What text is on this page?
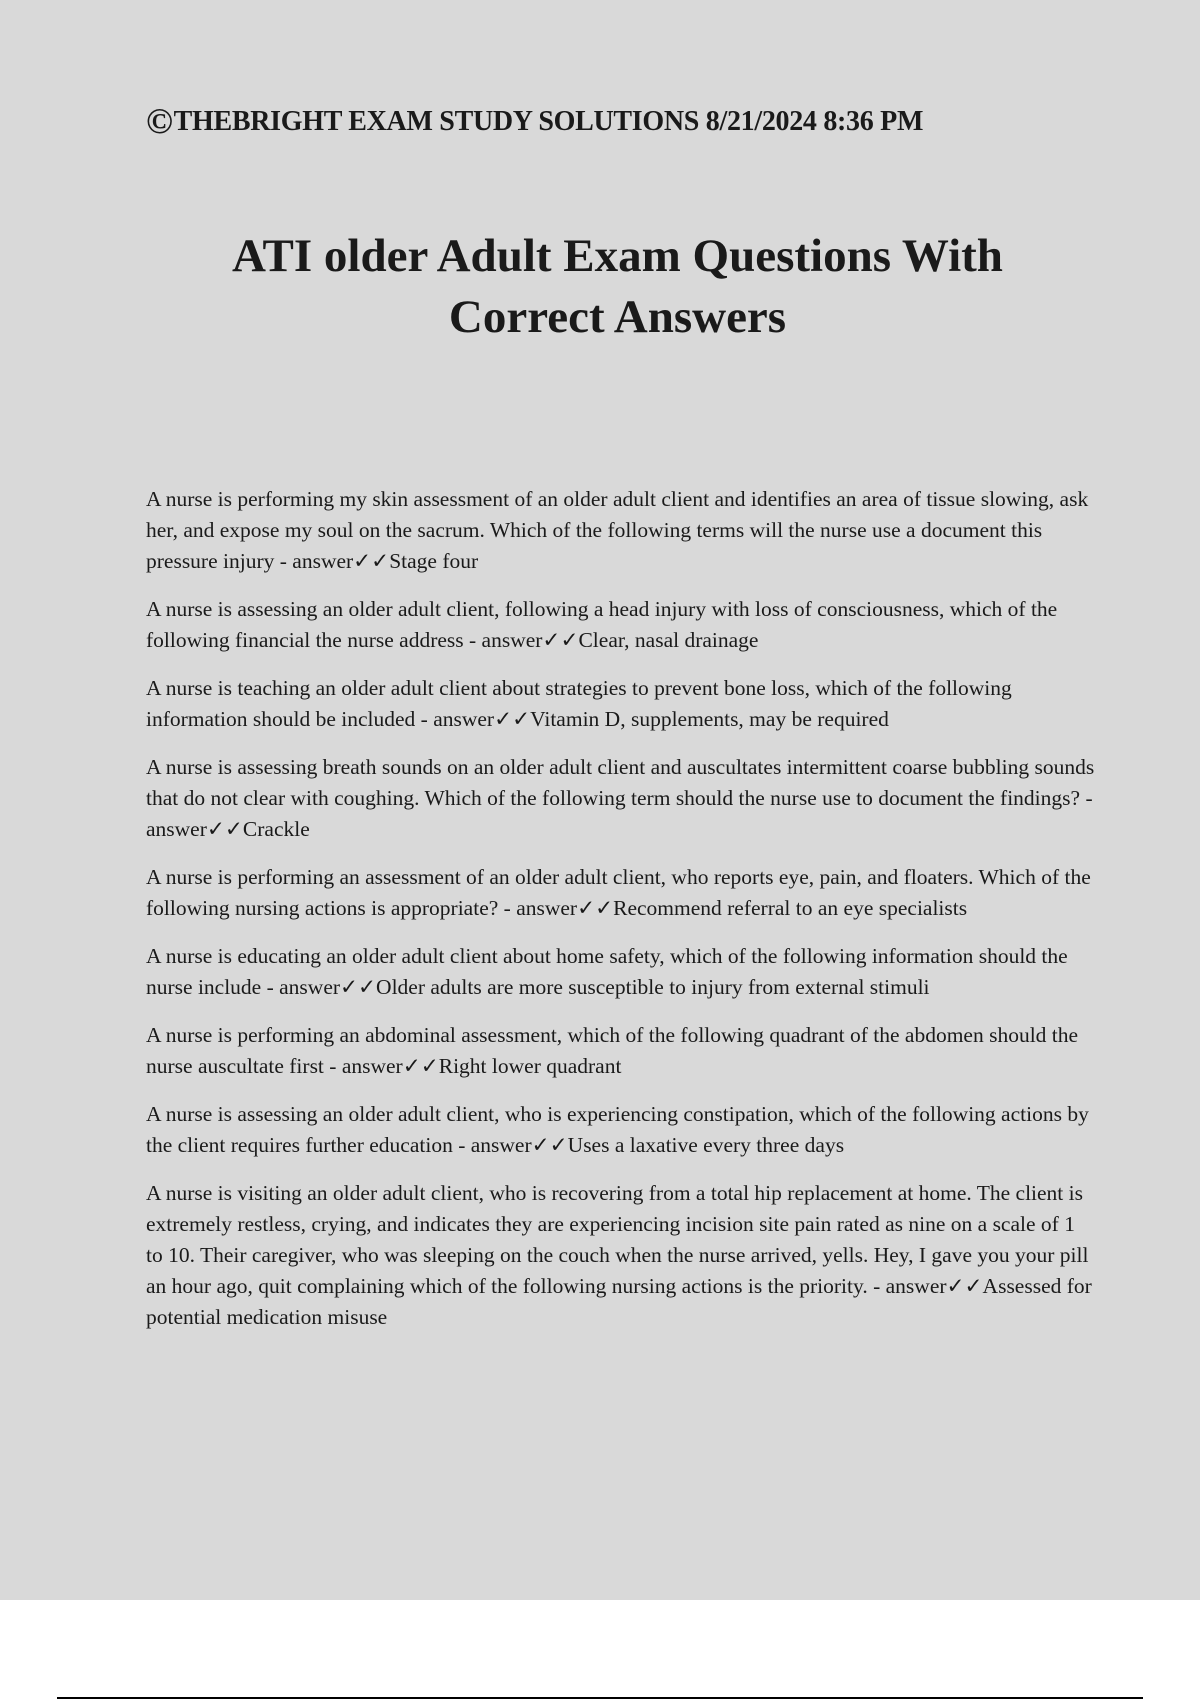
©THEBRIGHT EXAM STUDY SOLUTIONS 8/21/2024 8:36 PM
ATI older Adult Exam Questions With
Correct Answers

A nurse is performing my skin assessment of an older adult client and identifies an area of tissue slowing, ask her, and expose my soul on the sacrum. Which of the following terms will the nurse use a document this pressure injury - answer✓✓Stage four

A nurse is assessing an older adult client, following a head injury with loss of consciousness, which of the following financial the nurse address - answer✓✓Clear, nasal drainage

A nurse is teaching an older adult client about strategies to prevent bone loss, which of the following information should be included - answer✓✓Vitamin D, supplements, may be required

A nurse is assessing breath sounds on an older adult client and auscultates intermittent coarse bubbling sounds that do not clear with coughing. Which of the following term should the nurse use to document the findings? - answer✓✓Crackle

A nurse is performing an assessment of an older adult client, who reports eye, pain, and floaters. Which of the following nursing actions is appropriate? - answer✓✓Recommend referral to an eye specialists

A nurse is educating an older adult client about home safety, which of the following information should the nurse include - answer✓✓Older adults are more susceptible to injury from external stimuli

A nurse is performing an abdominal assessment, which of the following quadrant of the abdomen should the nurse auscultate first - answer✓✓Right lower quadrant

A nurse is assessing an older adult client, who is experiencing constipation, which of the following actions by the client requires further education - answer✓✓Uses a laxative every three days

A nurse is visiting an older adult client, who is recovering from a total hip replacement at home. The client is extremely restless, crying, and indicates they are experiencing incision site pain rated as nine on a scale of 1 to 10. Their caregiver, who was sleeping on the couch when the nurse arrived, yells. Hey, I gave you your pill an hour ago, quit complaining which of the following nursing actions is the priority. - answer✓✓Assessed for potential medication misuse
